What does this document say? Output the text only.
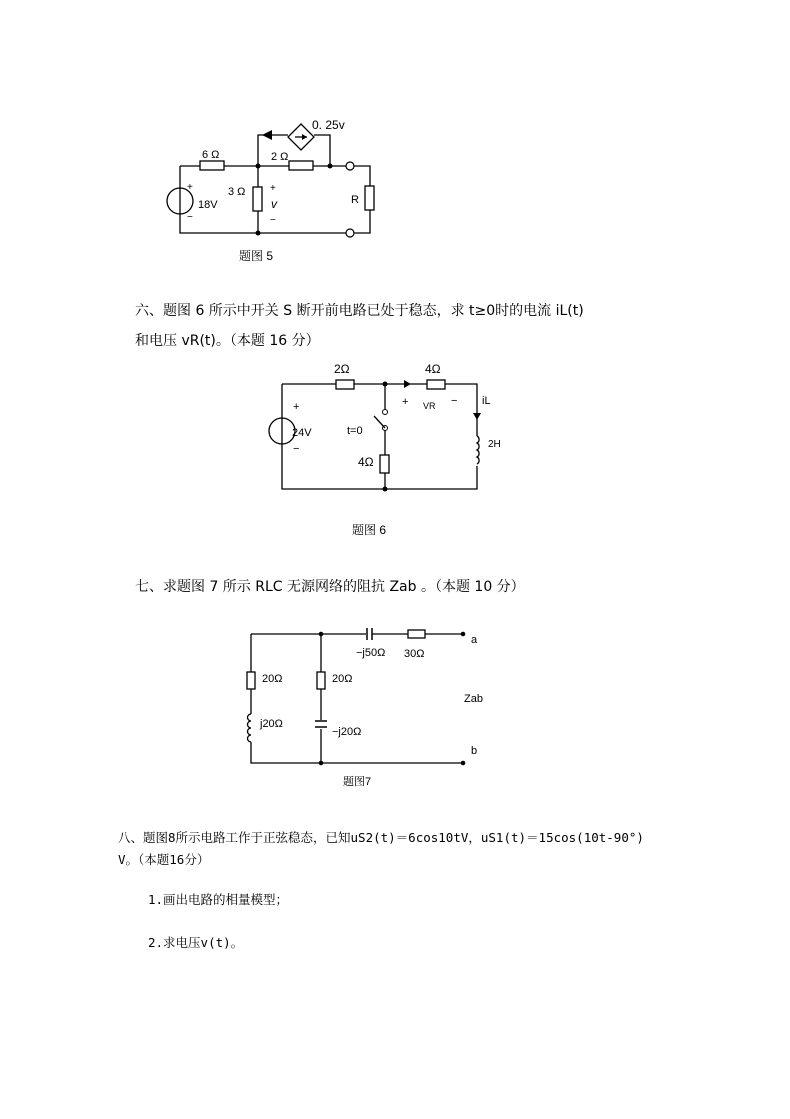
0. 25v
6 Ω	2 Ω
3 Ω
18V
+
−
+
v
−
R
题图 5
六、题图 6 所示中开关 S 断开前电路已处于稳态，求 t≥0时的电流 iL(t)
和电压 vR(t)。（本题 16 分）
2Ω	4Ω
4Ω
24V
+
−
t=0
+ VR − iL
2H
题图 6
七、求题图 7 所示 RLC 无源网络的阻抗 Zab 。（本题 10 分）
−j50Ω 30Ω
20Ω
j20Ω
20Ω
−j20Ω
a
b
Zab
题图7
八、题图8所示电路工作于正弦稳态，已知uS2(t)＝6cos10tV，uS1(t)＝15cos(10t-90°)
V。（本题16分）
1.画出电路的相量模型；
2.求电压v(t)。
